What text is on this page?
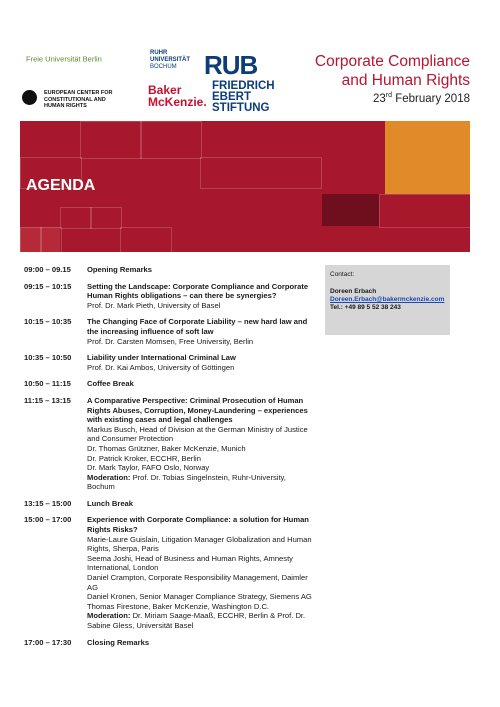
Freie Universität Berlin
RUHR
UNIVERSITÄT
BOCHUM	RUB
EUROPEAN CENTER FOR
CONSTITUTIONAL AND
HUMAN RIGHTS
Baker
McKenzie.
FRIEDRICH
EBERT
STIFTUNG
Corporate Compliance
and Human Rights
23rd February 2018
AGENDA
Contact:
Doreen Erbach
Doreen.Erbach@bakermckenzie.com Tel.: +49 89 5 52 38 243
09:00 – 09.15	Opening Remarks
09:15 – 10:15	Setting the Landscape: Corporate Compliance and Corporate Human Rights obligations – can there be synergies?
Prof. Dr. Mark Pieth, University of Basel
10:15 – 10:35	The Changing Face of Corporate Liability – new hard law and the increasing influence of soft law
Prof. Dr. Carsten Momsen, Free University, Berlin
10:35 – 10:50	Liability under International Criminal Law
Prof. Dr. Kai Ambos, University of Göttingen
10:50 – 11:15	Coffee Break
11:15 – 13:15	A Comparative Perspective: Criminal Prosecution of Human Rights Abuses, Corruption, Money-Laundering – experiences with existing cases and legal challenges
Markus Busch, Head of Division at the German Ministry of Justice and Consumer Protection
Dr. Thomas Grützner, Baker McKenzie, Munich
Dr. Patrick Kroker, ECCHR, Berlin
Dr. Mark Taylor, FAFO Oslo, Norway
Moderation: Prof. Dr. Tobias Singelnstein, Ruhr-University, Bochum
13:15 – 15:00	Lunch Break
15:00 – 17:00	Experience with Corporate Compliance: a solution for Human Rights Risks?
Marie-Laure Guislain, Litigation Manager Globalization and Human Rights, Sherpa, Paris
Seema Joshi, Head of Business and Human Rights, Amnesty International, London
Daniel Crampton, Corporate Responsibility Management, Daimler AG
Daniel Kronen, Senior Manager Compliance Strategy, Siemens AG
Thomas Firestone, Baker McKenzie, Washington D.C.
Moderation: Dr. Miriam Saage-Maaß, ECCHR, Berlin & Prof. Dr. Sabine Gless, Universität Basel
17:00 – 17:30	Closing Remarks
